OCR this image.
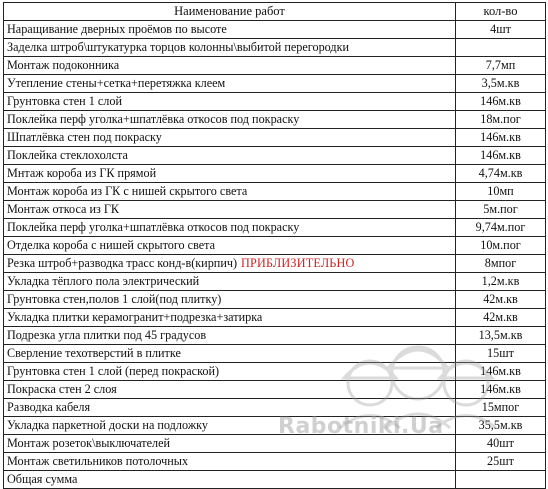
Наименование работ	кол-во
Наращивание дверных проёмов по высоте	4шт
Заделка штроб\штукатурка торцов колонны\выбитой перегородки	
Монтаж подоконника	7,7мп
Утепление стены+сетка+перетяжка клеем	3,5м.кв
Грунтовка стен 1 слой	146м.кв
Поклейка перф уголка+шпатлёвка откосов под покраску	18м.пог
Шпатлёвка стен под покраску	146м.кв
Поклейка стеклохолста	146м.кв
Мнтаж короба из ГК прямой	4,74м.кв
Монтаж короба из ГК с нишей скрытого света	10мп
Монтаж откоса из ГК	5м.пог
Поклейка перф уголка+шпатлёвка откосов под покраску	9,74м.пог
Отделка короба с нишей скрытого света	10м.пог
Резка штроб+разводка трасс конд-в(кирпич) ПРИБЛИЗИТЕЛЬНО	8мпог
Укладка тёплого пола электрический	1,2м.кв
Грунтовка стен,полов 1 слой(под плитку)	42м.кв
Укладка плитки керамогранит+подрезка+затирка	42м.кв
Подрезка угла плитки под 45 градусов	13,5м.кв
Сверление техотверстий в плитке	15шт
Грунтовка стен 1 слой (перед покраской)	146м.кв
Покраска стен 2 слоя	146м.кв
Разводка кабеля	15мпог
Укладка паркетной доски на подложку	35,5м.кв
Монтаж розеток\выключателей	40шт
Монтаж светильников потолочных	25шт
Общая сумма	
Rabotniki.Ua
